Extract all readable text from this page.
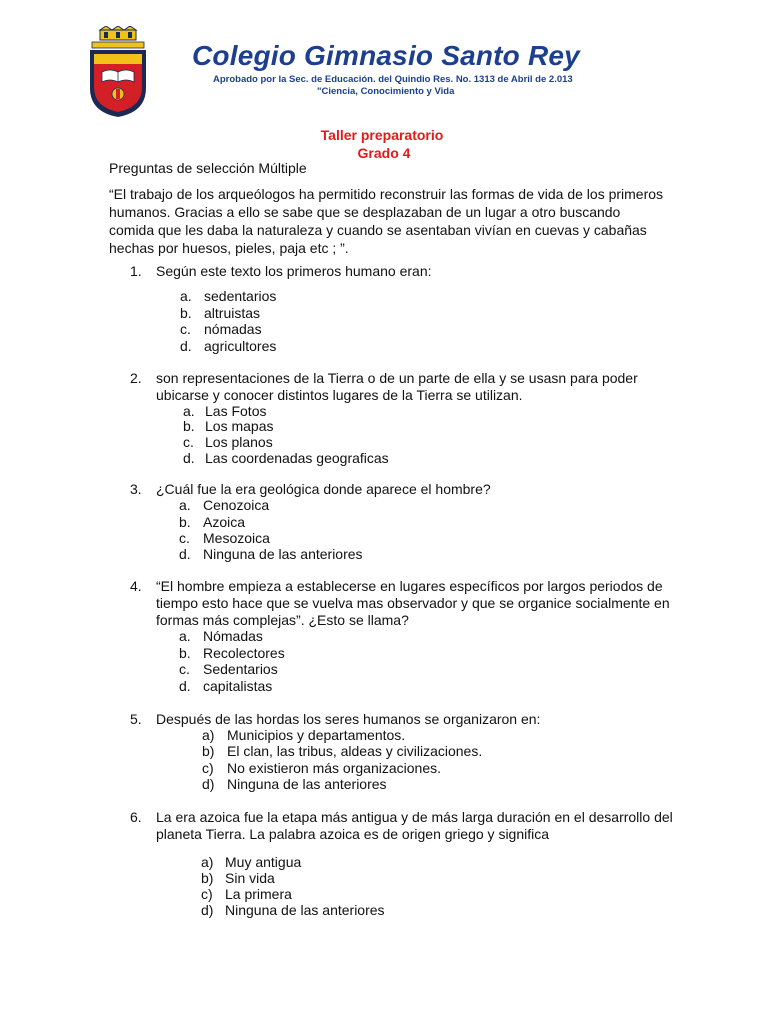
Colegio Gimnasio Santo Rey
Aprobado por la Sec. de Educación. del Quindio Res. No. 1313 de Abril de 2.013
"Ciencia, Conocimiento y Vida
Taller preparatorio
Grado 4
Preguntas de selección Múltiple
“El trabajo de los arqueólogos ha permitido reconstruir las formas de vida de los primeros humanos. Gracias a ello se sabe que se desplazaban de un lugar a otro buscando comida que les daba la naturaleza y cuando se asentaban vivían en cuevas y cabañas hechas por huesos, pieles, paja etc ; ”.
1. Según este texto los primeros humano eran:
a. sedentarios
b. altruistas
c. nómadas
d. agricultores
2. son representaciones de la Tierra o de un parte de ella y se usasn para poder ubicarse y conocer distintos lugares de la Tierra se utilizan.
a. Las Fotos
b. Los mapas
c. Los planos
d. Las coordenadas geograficas
3. ¿Cuál fue la era geológica donde aparece el hombre?
a. Cenozoica
b. Azoica
c. Mesozoica
d. Ninguna de las anteriores
4. “El hombre empieza a establecerse en lugares específicos por largos periodos de tiempo esto hace que se vuelva mas observador y que se organice socialmente en formas más complejas”. ¿Esto se llama?
a. Nómadas
b. Recolectores
c. Sedentarios
d. capitalistas
5. Después de las hordas los seres humanos se organizaron en:
a) Municipios y departamentos.
b) El clan, las tribus, aldeas y civilizaciones.
c) No existieron más organizaciones.
d) Ninguna de las anteriores
6. La era azoica fue la etapa más antigua y de más larga duración en el desarrollo del planeta Tierra. La palabra azoica es de origen griego y significa
a) Muy antigua
b) Sin vida
c) La primera
d) Ninguna de las anteriores
